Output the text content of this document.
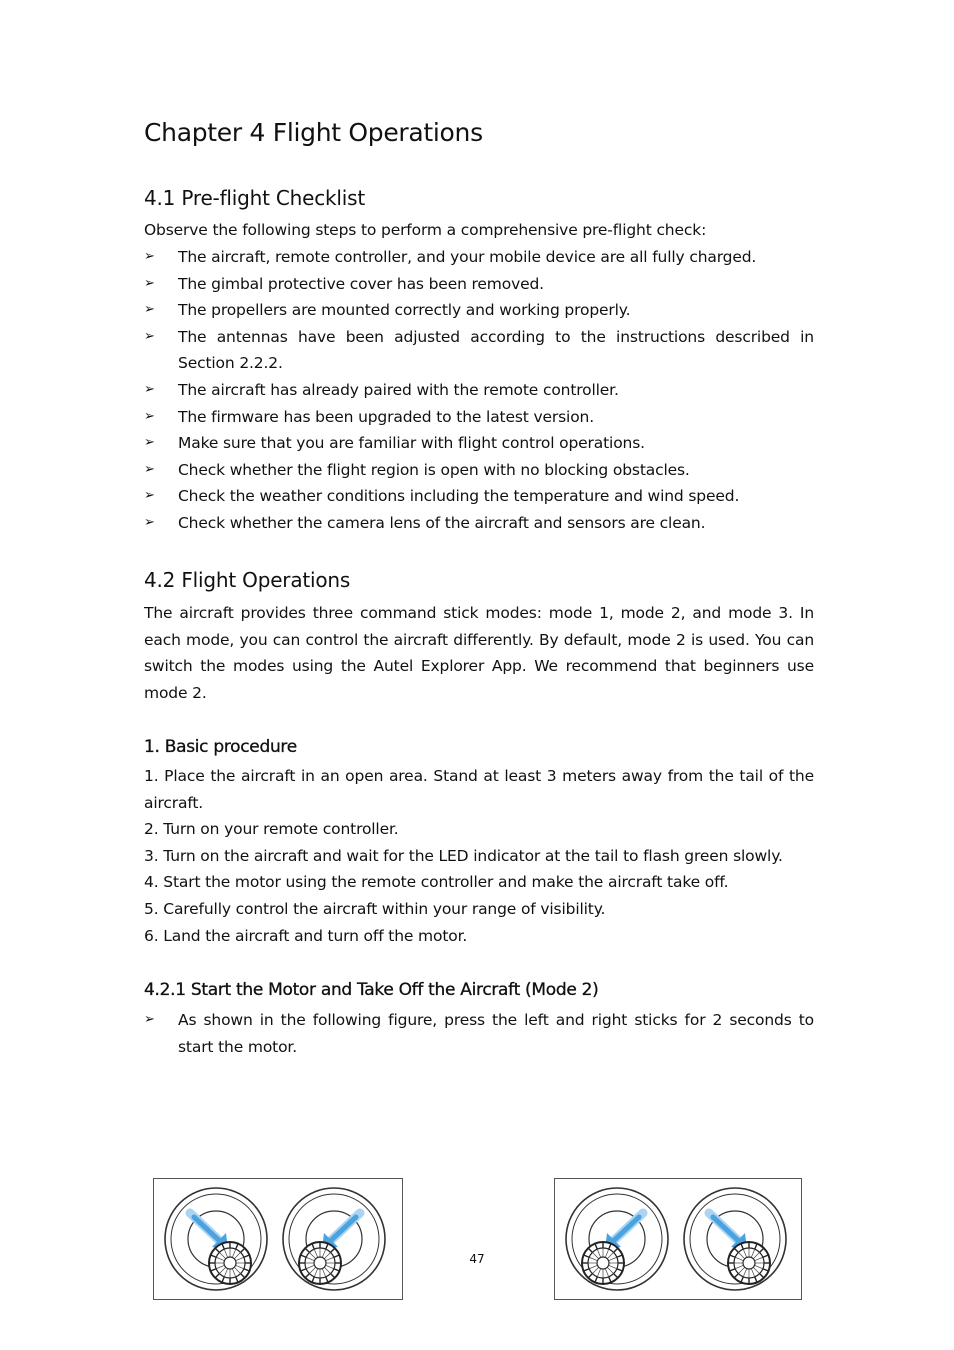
Chapter 4 Flight Operations
4.1 Pre-flight Checklist

Observe the following steps to perform a comprehensive pre-flight check:

➢ The aircraft, remote controller, and your mobile device are all fully charged.
➢ The gimbal protective cover has been removed.
➢ The propellers are mounted correctly and working properly.
➢ The antennas have been adjusted according to the instructions described in Section 2.2.2.
➢ The aircraft has already paired with the remote controller.
➢ The firmware has been upgraded to the latest version.
➢ Make sure that you are familiar with flight control operations.
➢ Check whether the flight region is open with no blocking obstacles.
➢ Check the weather conditions including the temperature and wind speed.
➢ Check whether the camera lens of the aircraft and sensors are clean.
4.2 Flight Operations

The aircraft provides three command stick modes: mode 1, mode 2, and mode 3. In each mode, you can control the aircraft differently. By default, mode 2 is used. You can switch the modes using the Autel Explorer App. We recommend that beginners use mode 2.

1. Basic procedure
1. Place the aircraft in an open area. Stand at least 3 meters away from the tail of the aircraft.
2. Turn on your remote controller.
3. Turn on the aircraft and wait for the LED indicator at the tail to flash green slowly.
4. Start the motor using the remote controller and make the aircraft take off.
5. Carefully control the aircraft within your range of visibility.
6. Land the aircraft and turn off the motor.
4.2.1 Start the Motor and Take Off the Aircraft (Mode 2)
➢ As shown in the following figure, press the left and right sticks for 2 seconds to start the motor.
47
